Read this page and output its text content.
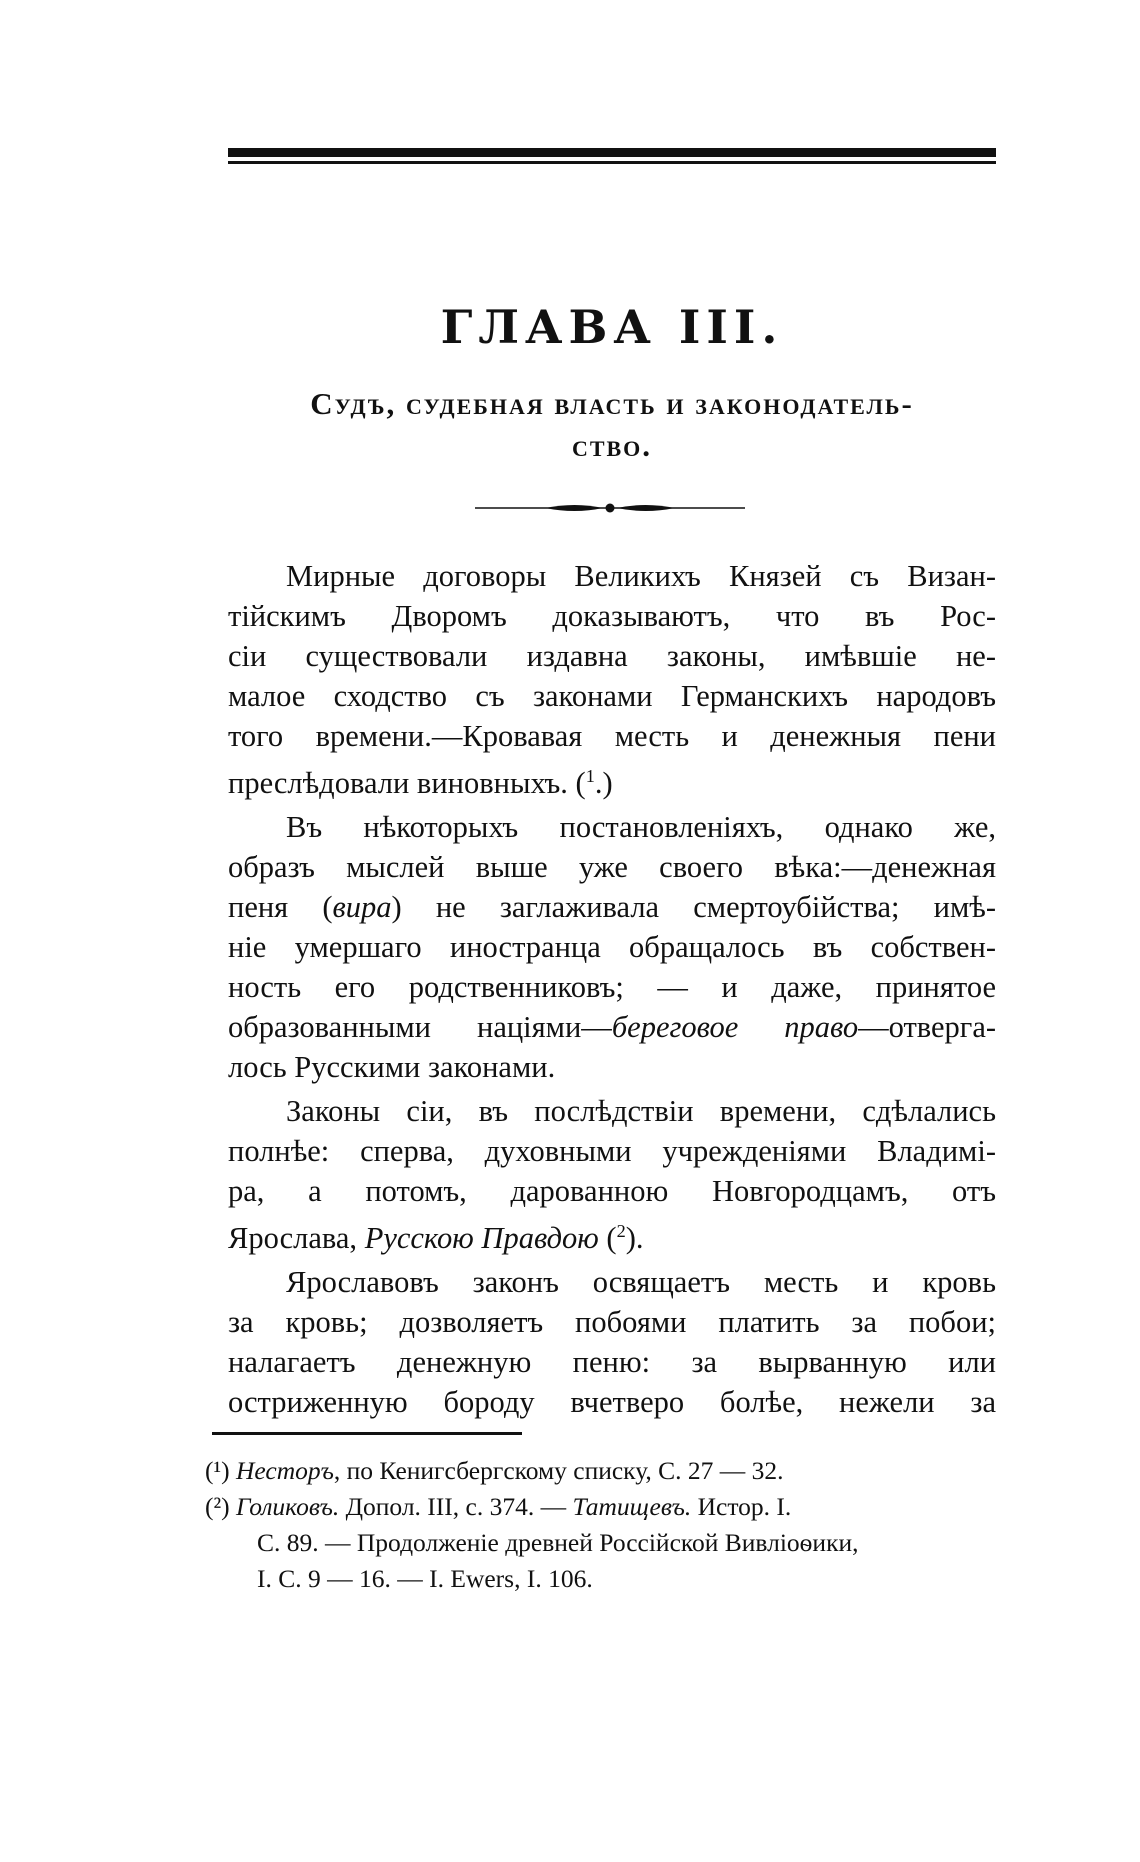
ГЛАВА III.
Судъ, судебная власть и законодатель-
ство.
Мирные договоры Великихъ Князей съ Визан-
тійскимъ Дворомъ доказываютъ, что въ Рос-
сіи существовали издавна законы, имѣвшіе не-
малое сходство съ законами Германскихъ народовъ
того времени.—Кровавая месть и денежныя пени
преслѣдовали виновныхъ. ($^1$.)
Въ нѣкоторыхъ постановленіяхъ, однако же,
образъ мыслей выше уже своего вѣка:—денежная
пеня (вира) не заглаживала смертоубійства; имѣ-
ніе умершаго иностранца обращалось въ собствен-
ность его родственниковъ; — и даже, принятое
образованными націями—береговое право—отверга-
лось Русскими законами.
Законы сіи, въ послѣдствіи времени, сдѣлались
полнѣе: сперва, духовными учрежденіями Владимі-
ра, а потомъ, дарованною Новгородцамъ, отъ
Ярослава, Русскою Правдою ($^2$).
Ярославовъ законъ освящаетъ месть и кровь
за кровь; дозволяетъ побоями платить за побои;
налагаетъ денежную пеню: за вырванную или
остриженную бороду вчетверо болѣе, нежели за
(¹) Несторъ, по Кенигсбергскому списку, С. 27 — 32.
(²) Голиковъ. Допол. III, с. 374. — Татищевъ. Истор. I.
С. 89. — Продолженіе древней Россійской Вивліоѳики,
I. С. 9 — 16. — I. Ewers, I. 106.
